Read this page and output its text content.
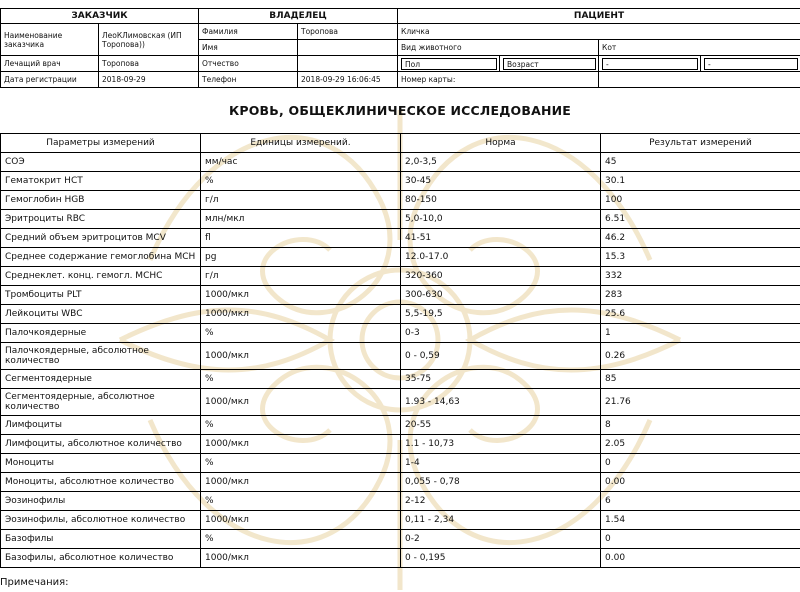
ЗАКАЗЧИК		ВЛАДЕЛЕЦ		ПАЦИЕНТ			
Наименование заказчика	ЛеоКЛимовская (ИП Торопова))	Фамилия	Торопова	Кличка			
		Имя		Вид животного		Кот	
Лечащий врач	Торопова	Отчество		Пол	Возраст	-	-
Дата регистрации	2018-09-29	Телефон	2018-09-29 16:06:45	Номер карты:			
КРОВЬ, ОБЩЕКЛИНИЧЕСКОЕ ИССЛЕДОВАНИЕ
Параметры измерений	Единицы измерений.	Норма	Результат измерений
СОЭ	мм/час	2,0-3,5	45
Гематокрит НСТ	%	30-45	30.1
Гемоглобин HGB	г/л	80-150	100
Эритроциты RBC	млн/мкл	5,0-10,0	6.51
Средний объем эритроцитов MCV	fl	41-51	46.2
Среднее содержание гемоглобина МСН	pg	12.0-17.0	15.3
Среднеклет. конц. гемогл. МСНС	г/л	320-360	332
Тромбоциты PLT	1000/мкл	300-630	283
Лейкоциты WBC	1000/мкл	5,5-19,5	25.6
Палочкоядерные	%	0-3	1
Палочкоядерные, абсолютное количество	1000/мкл	0 - 0,59	0.26
Сегментоядерные	%	35-75	85
Сегментоядерные, абсолютное количество	1000/мкл	1.93 - 14,63	21.76
Лимфоциты	%	20-55	8
Лимфоциты, абсолютное количество	1000/мкл	1.1 - 10,73	2.05
Моноциты	%	1-4	0
Моноциты, абсолютное количество	1000/мкл	0,055 - 0,78	0.00
Эозинофилы	%	2-12	6
Эозинофилы, абсолютное количество	1000/мкл	0,11 - 2,34	1.54
Базофилы	%	0-2	0
Базофилы, абсолютное количество	1000/мкл	0 - 0,195	0.00
Примечания:
